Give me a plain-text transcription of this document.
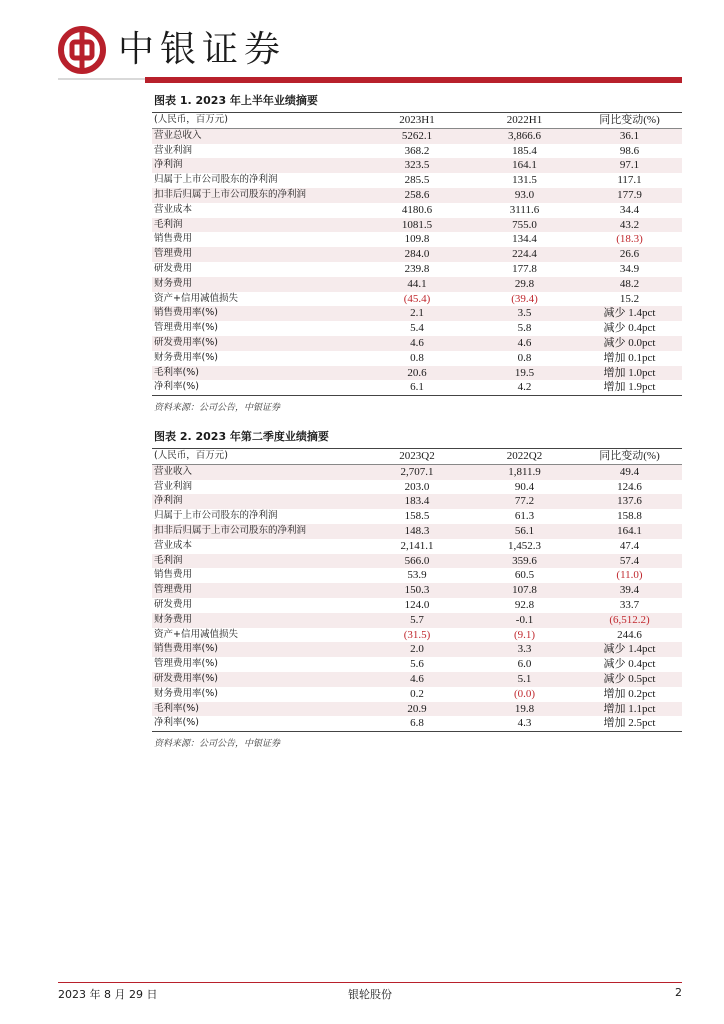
中银证券
图表 1. 2023 年上半年业绩摘要
(人民币，百万元)	2023H1	2022H1	同比变动(%)
营业总收入	5262.1	3,866.6	36.1
营业利润	368.2	185.4	98.6
净利润	323.5	164.1	97.1
归属于上市公司股东的净利润	285.5	131.5	117.1
扣非后归属于上市公司股东的净利润	258.6	93.0	177.9
营业成本	4180.6	3111.6	34.4
毛利润	1081.5	755.0	43.2
销售费用	109.8	134.4	(18.3)
管理费用	284.0	224.4	26.6
研发费用	239.8	177.8	34.9
财务费用	44.1	29.8	48.2
资产+信用减值损失	(45.4)	(39.4)	15.2
销售费用率(%)	2.1	3.5	减少 1.4pct
管理费用率(%)	5.4	5.8	减少 0.4pct
研发费用率(%)	4.6	4.6	减少 0.0pct
财务费用率(%)	0.8	0.8	增加 0.1pct
毛利率(%)	20.6	19.5	增加 1.0pct
净利率(%)	6.1	4.2	增加 1.9pct
资料来源：公司公告，中银证券
图表 2. 2023 年第二季度业绩摘要
(人民币，百万元)	2023Q2	2022Q2	同比变动(%)
营业收入	2,707.1	1,811.9	49.4
营业利润	203.0	90.4	124.6
净利润	183.4	77.2	137.6
归属于上市公司股东的净利润	158.5	61.3	158.8
扣非后归属于上市公司股东的净利润	148.3	56.1	164.1
营业成本	2,141.1	1,452.3	47.4
毛利润	566.0	359.6	57.4
销售费用	53.9	60.5	(11.0)
管理费用	150.3	107.8	39.4
研发费用	124.0	92.8	33.7
财务费用	5.7	-0.1	(6,512.2)
资产+信用减值损失	(31.5)	(9.1)	244.6
销售费用率(%)	2.0	3.3	减少 1.4pct
管理费用率(%)	5.6	6.0	减少 0.4pct
研发费用率(%)	4.6	5.1	减少 0.5pct
财务费用率(%)	0.2	(0.0)	增加 0.2pct
毛利率(%)	20.9	19.8	增加 1.1pct
净利率(%)	6.8	4.3	增加 2.5pct
资料来源：公司公告，中银证券
2023 年 8 月 29 日	银轮股份	2
